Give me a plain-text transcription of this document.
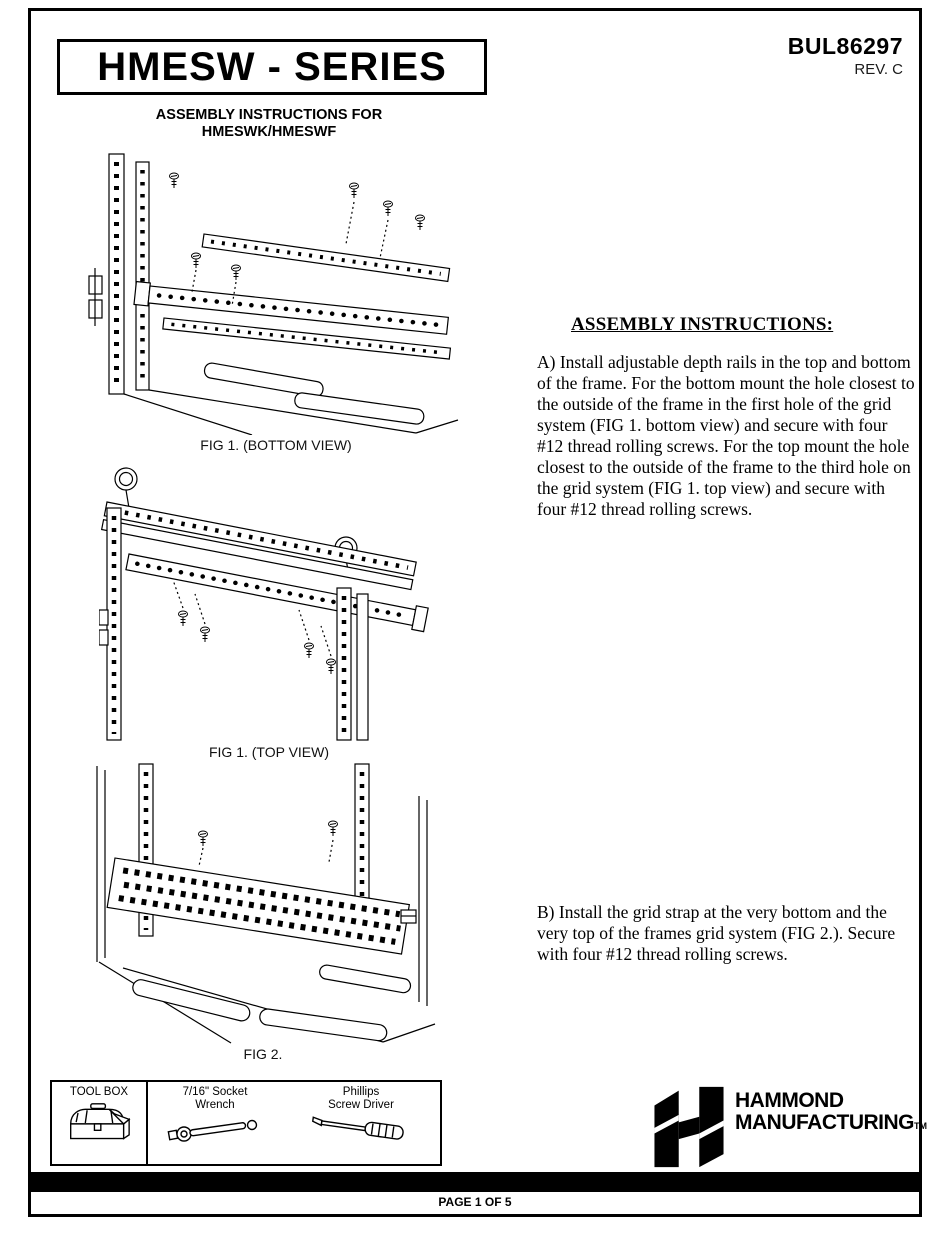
HMESW - SERIES	BUL86297
REV. C
ASSEMBLY INSTRUCTIONS FOR
HMESWK/HMESWF
FIG 1. (BOTTOM VIEW)
FIG 1. (TOP VIEW)
FIG 2.
ASSEMBLY INSTRUCTIONS:

A) Install adjustable depth rails in the top and bottom of the frame. For the bottom mount the hole closest to the outside of the frame in the first hole of the grid system (FIG 1. bottom view) and secure with four #12 thread rolling screws. For the top mount the hole closest to the outside of the frame to the third hole on the grid system (FIG 1. top view) and secure with four #12 thread rolling screws.

B) Install the grid strap at the very bottom and the very top of the frames grid system (FIG 2.). Secure with four #12 thread rolling screws.

TOOL BOX	7/16" Socket
Wrench
Phillips
Screw Driver	HAMMOND
MANUFACTURINGTM
PAGE 1 OF 5
